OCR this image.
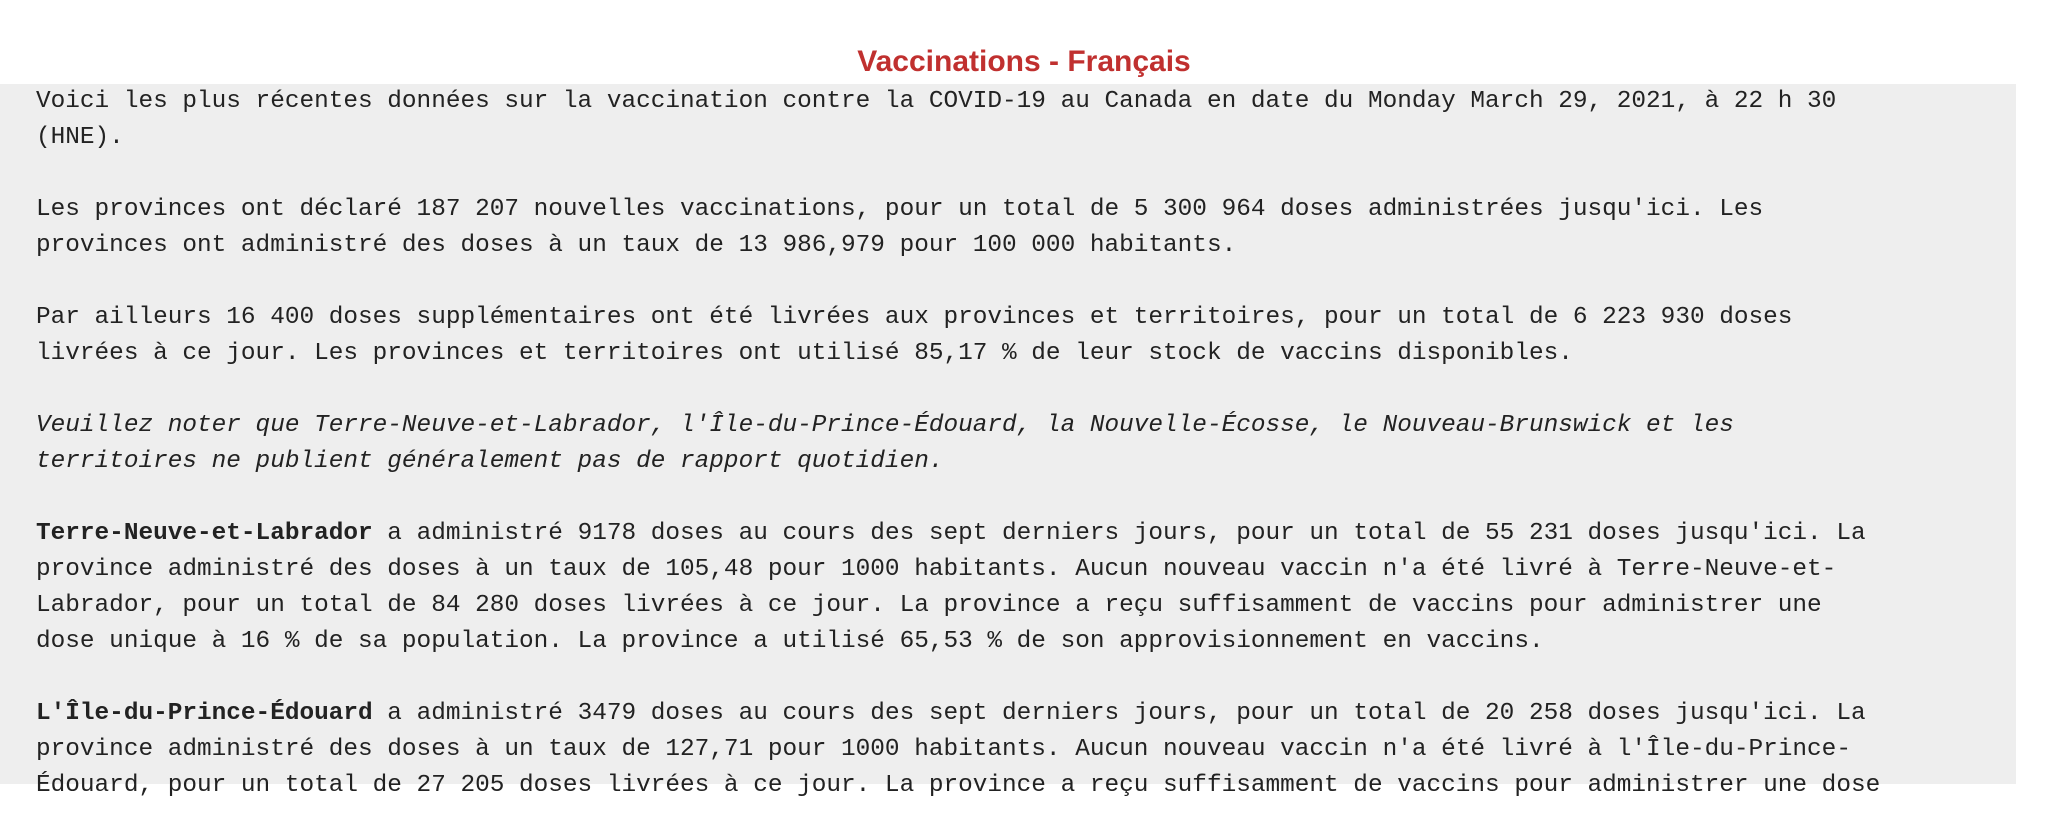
Vaccinations - Français

Voici les plus récentes données sur la vaccination contre la COVID-19 au Canada en date du Monday March 29, 2021, à 22 h 30
(HNE).

Les provinces ont déclaré 187 207 nouvelles vaccinations, pour un total de 5 300 964 doses administrées jusqu'ici. Les
provinces ont administré des doses à un taux de 13 986,979 pour 100 000 habitants.

Par ailleurs 16 400 doses supplémentaires ont été livrées aux provinces et territoires, pour un total de 6 223 930 doses
livrées à ce jour. Les provinces et territoires ont utilisé 85,17 % de leur stock de vaccins disponibles.

Veuillez noter que Terre-Neuve-et-Labrador, l'Île-du-Prince-Édouard, la Nouvelle-Écosse, le Nouveau-Brunswick et les
territoires ne publient généralement pas de rapport quotidien.

Terre-Neuve-et-Labrador a administré 9178 doses au cours des sept derniers jours, pour un total de 55 231 doses jusqu'ici. La
province administré des doses à un taux de 105,48 pour 1000 habitants. Aucun nouveau vaccin n'a été livré à Terre-Neuve-et-
Labrador, pour un total de 84 280 doses livrées à ce jour. La province a reçu suffisamment de vaccins pour administrer une
dose unique à 16 % de sa population. La province a utilisé 65,53 % de son approvisionnement en vaccins.

L'Île-du-Prince-Édouard a administré 3479 doses au cours des sept derniers jours, pour un total de 20 258 doses jusqu'ici. La
province administré des doses à un taux de 127,71 pour 1000 habitants. Aucun nouveau vaccin n'a été livré à l'Île-du-Prince-
Édouard, pour un total de 27 205 doses livrées à ce jour. La province a reçu suffisamment de vaccins pour administrer une dose
